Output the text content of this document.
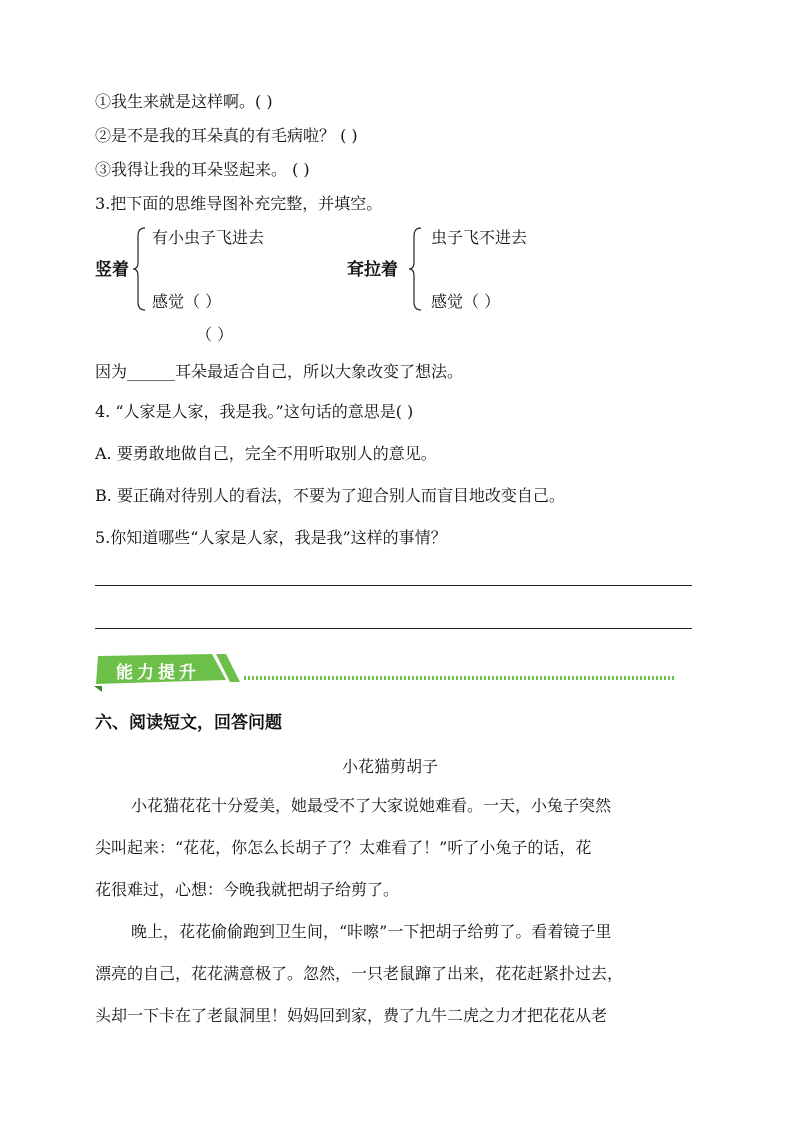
①我生来就是这样啊。( )
②是不是我的耳朵真的有毛病啦？ ( )
③我得让我的耳朵竖起来。 ( )
3.把下面的思维导图补充完整，并填空。
竖着
有小虫子飞进去
感觉（ ）
（ ）
耷拉着
虫子飞不进去
感觉（ ）
因为______耳朵最适合自己，所以大象改变了想法。
4. “人家是人家，我是我。”这句话的意思是( )
A. 要勇敢地做自己，完全不用听取别人的意见。
B. 要正确对待别人的看法，不要为了迎合别人而盲目地改变自己。
5.你知道哪些“人家是人家，我是我”这样的事情？
能力提升
六、阅读短文，回答问题
小花猫剪胡子
小花猫花花十分爱美，她最受不了大家说她难看。一天，小兔子突然
尖叫起来：“花花，你怎么长胡子了？太难看了！”听了小兔子的话，花
花很难过，心想：今晚我就把胡子给剪了。
晚上，花花偷偷跑到卫生间，“咔嚓”一下把胡子给剪了。看着镜子里
漂亮的自己，花花满意极了。忽然，一只老鼠蹿了出来，花花赶紧扑过去，
头却一下卡在了老鼠洞里！妈妈回到家，费了九牛二虎之力才把花花从老
